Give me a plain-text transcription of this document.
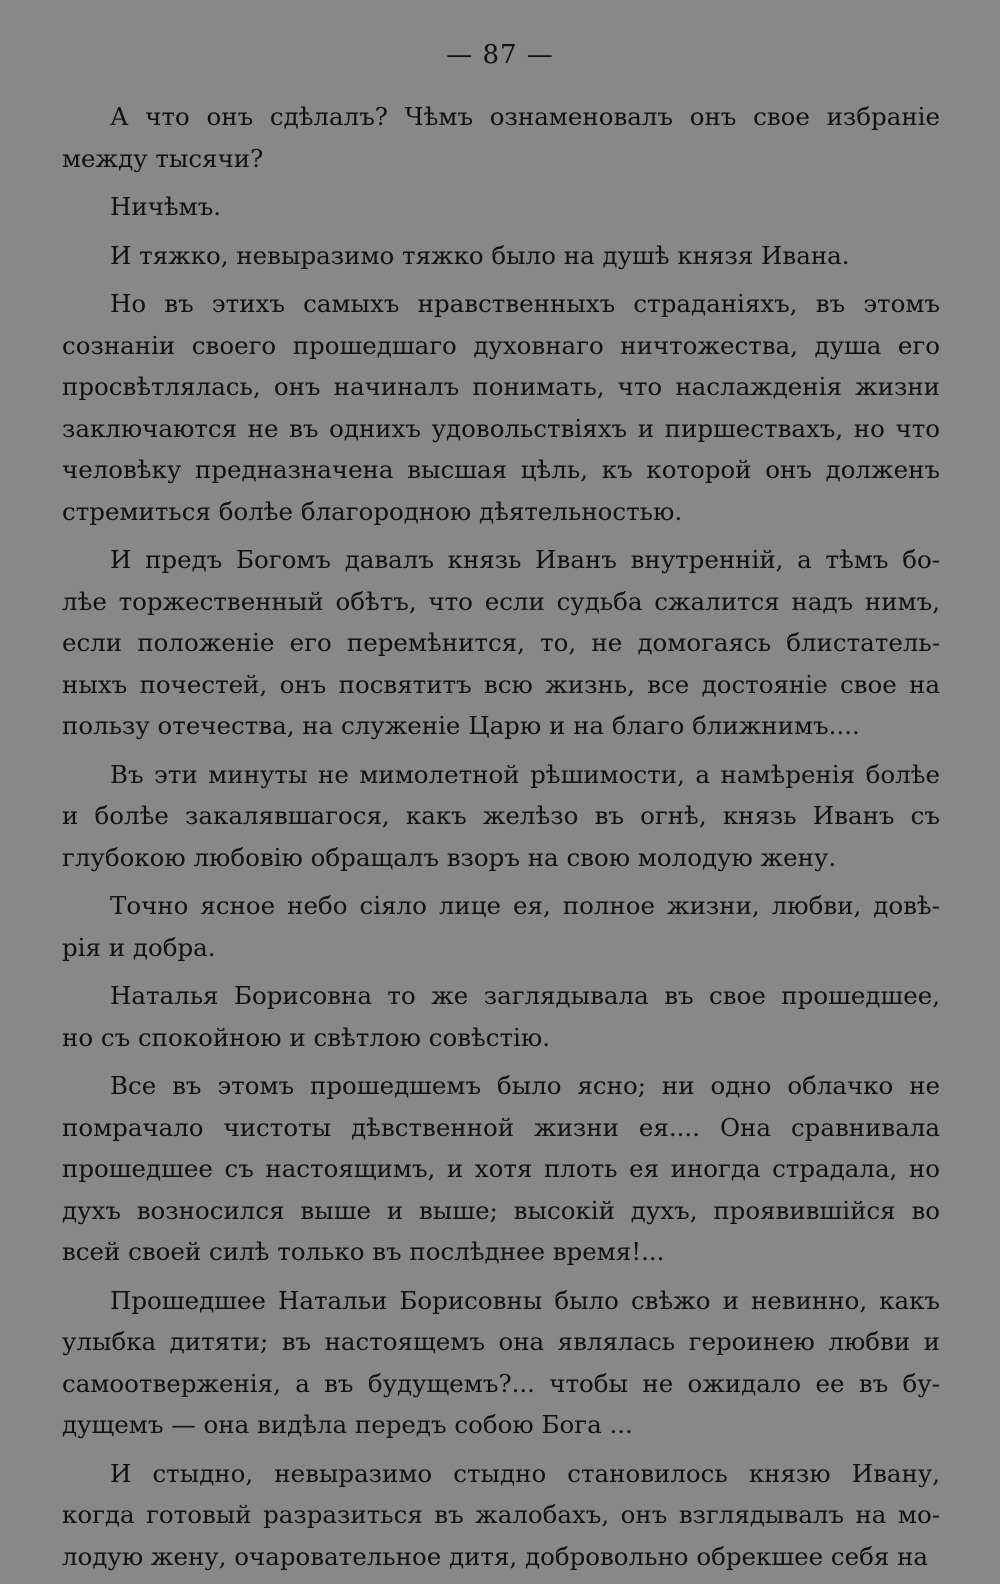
— 87 —
А что онъ сдѣлалъ? Чѣмъ ознаменовалъ онъ свое избраніе
между тысячи?
Ничѣмъ.
И тяжко, невыразимо тяжко было на душѣ князя Ивана.
Но въ этихъ самыхъ нравственныхъ страданіяхъ, въ этомъ
сознаніи своего прошедшаго духовнаго ничтожества, душа его
просвѣтлялась, онъ начиналъ понимать, что наслажденія жизни
заключаются не въ однихъ удовольствіяхъ и пиршествахъ, но что
человѣку предназначена высшая цѣль, къ которой онъ долженъ
стремиться болѣе благородною дѣятельностью.
И предъ Богомъ давалъ князь Иванъ внутренній, а тѣмъ бо-
лѣе торжественный обѣтъ, что если судьба сжалится надъ нимъ,
если положеніе его перемѣнится, то, не домогаясь блистатель-
ныхъ почестей, онъ посвятитъ всю жизнь, все достояніе свое на
пользу отечества, на служеніе Царю и на благо ближнимъ....
Въ эти минуты не мимолетной рѣшимости, а намѣренія болѣе
и болѣе закалявшагося, какъ желѣзо въ огнѣ, князь Иванъ съ
глубокою любовію обращалъ взоръ на свою молодую жену.
Точно ясное небо сіяло лице ея, полное жизни, любви, довѣ-
рія и добра.
Наталья Борисовна то же заглядывала въ свое прошедшее,
но съ спокойною и свѣтлою совѣстію.
Все въ этомъ прошедшемъ было ясно; ни одно облачко не
помрачало чистоты дѣвственной жизни ея.... Она сравнивала
прошедшее съ настоящимъ, и хотя плоть ея иногда страдала, но
духъ возносился выше и выше; высокій духъ, проявившійся во
всей своей силѣ только въ послѣднее время!...
Прошедшее Натальи Борисовны было свѣжо и невинно, какъ
улыбка дитяти; въ настоящемъ она являлась героинею любви и
самоотверженія, а въ будущемъ?... чтобы не ожидало ее въ бу-
дущемъ — она видѣла передъ собою Бога ...
И стыдно, невыразимо стыдно становилось князю Ивану,
когда готовый разразиться въ жалобахъ, онъ взглядывалъ на мо-
лодую жену, очаровательное дитя, добровольно обрекшее себя на
